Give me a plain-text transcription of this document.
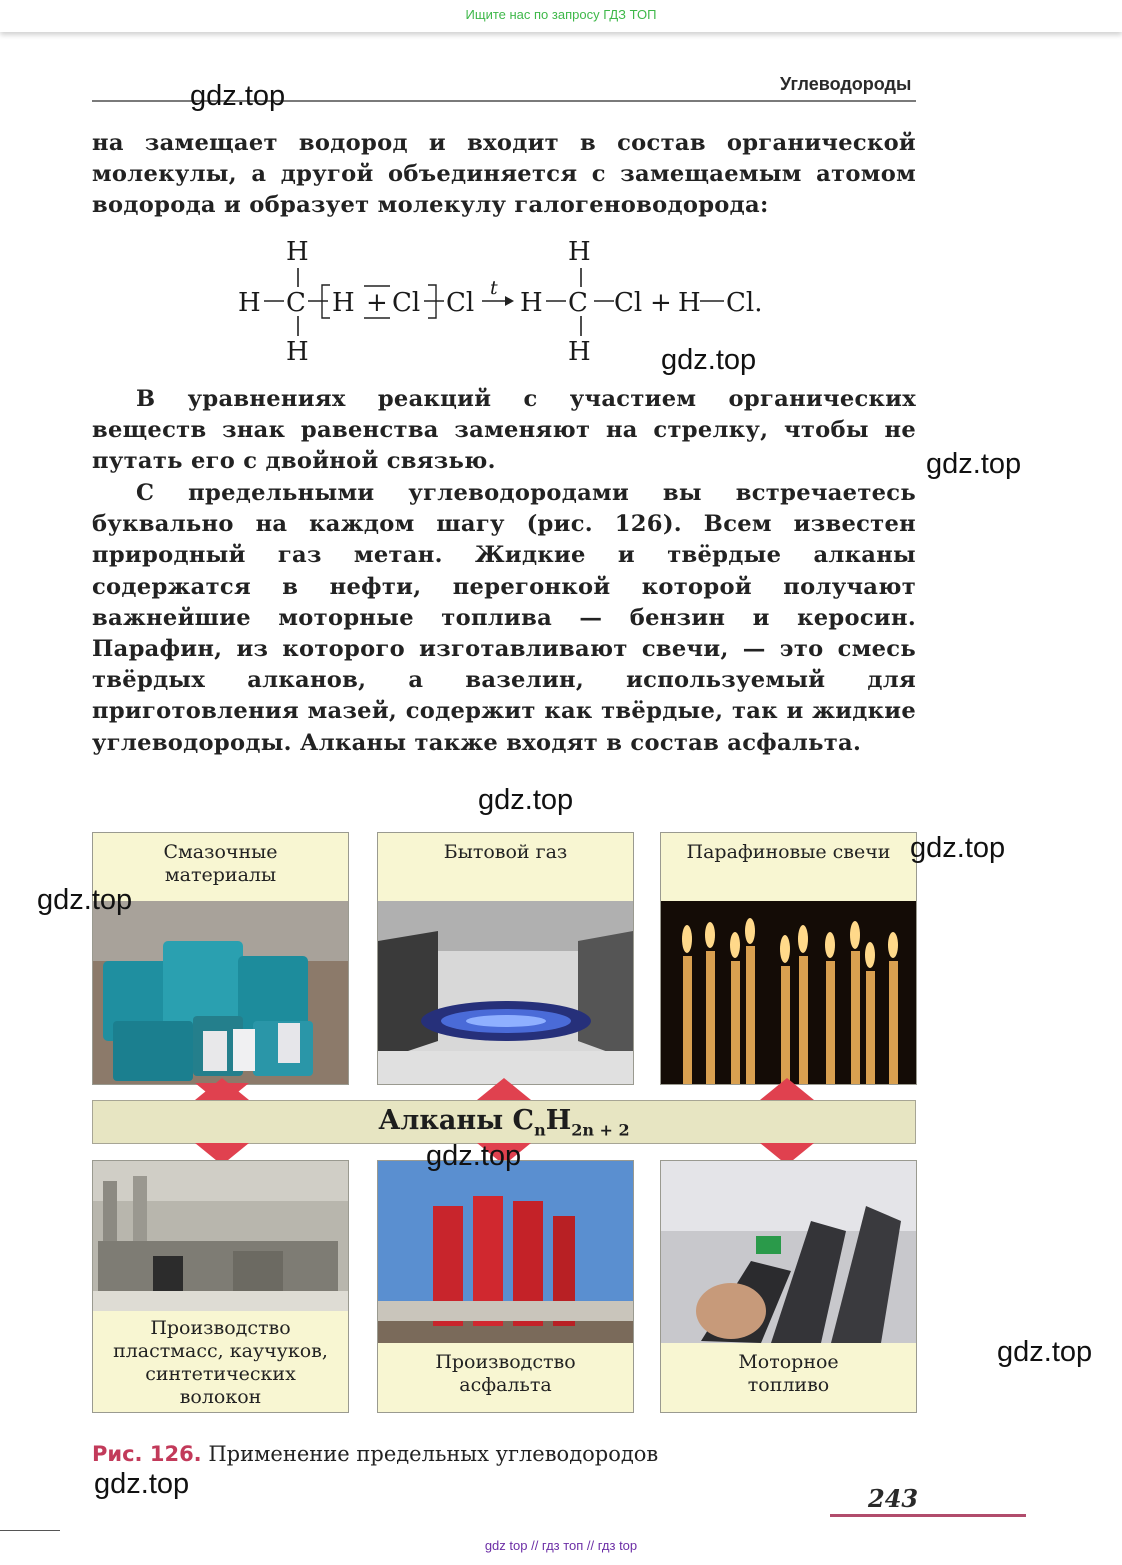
Ищите нас по запросу ГДЗ ТОП
Углеводороды

на замещает водород и входит в состав органической молекулы, а другой объединяется с замещаемым атомом водорода и образует молекулу галогеноводорода:

H
H C
H
H + Cl Cl t H
H
C
H
Cl + H Cl.

В уравнениях реакций с участием органических веществ знак равенства заменяют на стрелку, чтобы не путать его с двойной связью.

С предельными углеводородами вы встречаетесь буквально на каждом шагу (рис. 126). Всем известен природный газ метан. Жидкие и твёрдые алканы содержатся в нефти, перегонкой которой получают важнейшие моторные топлива — бензин и керосин. Парафин, из которого изготавливают свечи, — это смесь твёрдых алканов, а вазелин, используемый для приготовления мазей, содержит как твёрдые, так и жидкие углеводороды. Алканы также входят в состав асфальта.

Смазочные
материалы
Бытовой газ	Парафиновые свечи
Алканы $C_nH_{2n + 2}$
Производство
пластмасс, каучуков,
синтетических
волокон
Производство
асфальта
Моторное
топливо
Рис. 126. Применение предельных углеводородов
243
gdz.top
gdz.top
gdz.top
gdz.top
gdz.top
gdz.top
gdz.top
gdz.top
gdz.top
gdz top // гдз топ // гдз top
